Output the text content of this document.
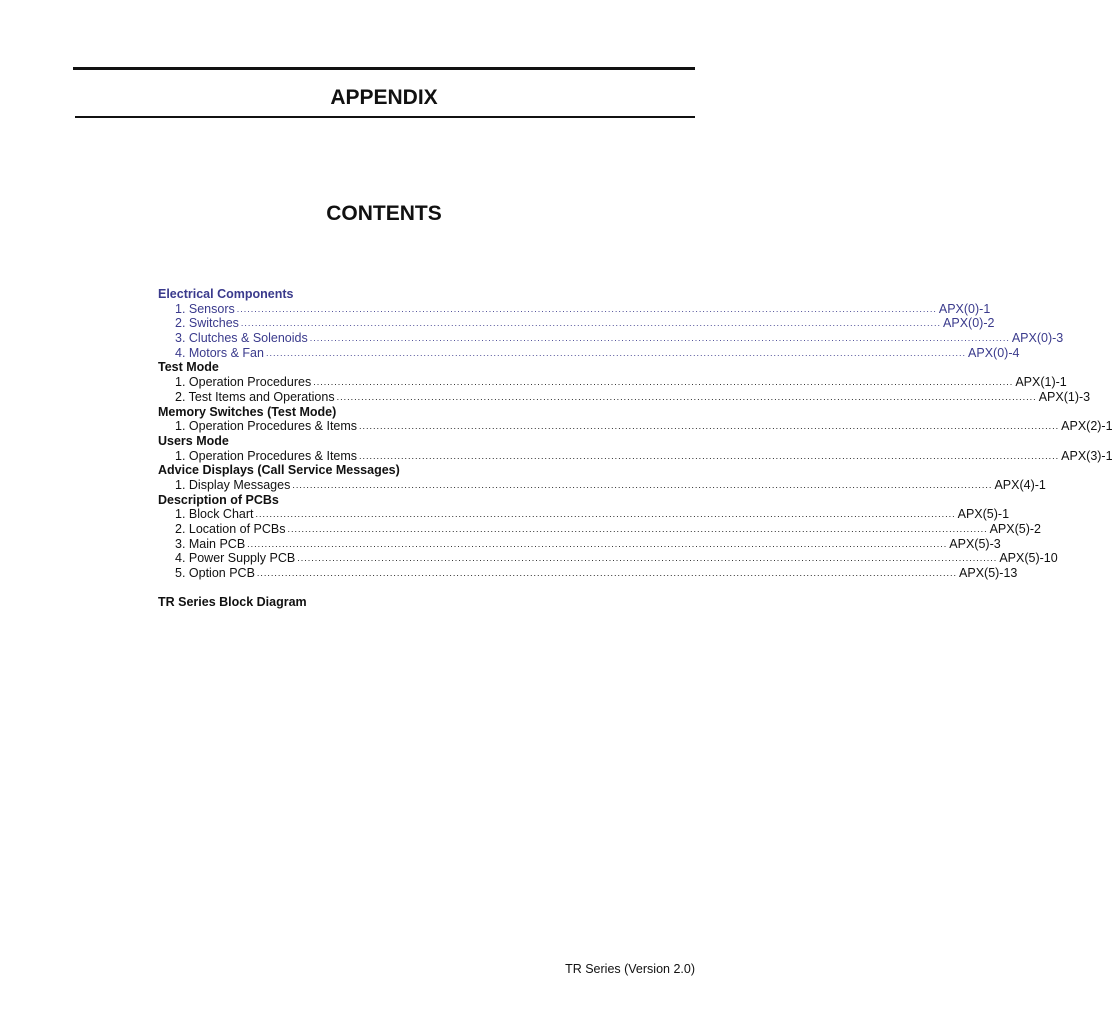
APPENDIX
CONTENTS
Electrical Components
1. Sensors ........................................................................................................................................................................................................ APX(0)-1
2. Switches ........................................................................................................................................................................................................ APX(0)-2
3. Clutches & Solenoids ........................................................................................................................................................................................................ APX(0)-3
4. Motors & Fan ........................................................................................................................................................................................................ APX(0)-4
Test Mode
1. Operation Procedures ........................................................................................................................................................................................................ APX(1)-1
2. Test Items and Operations ........................................................................................................................................................................................................ APX(1)-3
Memory Switches (Test Mode)
1. Operation Procedures & Items ........................................................................................................................................................................................................ APX(2)-1
Users Mode
1. Operation Procedures & Items ........................................................................................................................................................................................................ APX(3)-1
Advice Displays (Call Service Messages)
1. Display Messages ........................................................................................................................................................................................................ APX(4)-1
Description of PCBs
1. Block Chart ........................................................................................................................................................................................................ APX(5)-1
2. Location of PCBs ........................................................................................................................................................................................................ APX(5)-2
3. Main PCB ........................................................................................................................................................................................................ APX(5)-3
4. Power Supply PCB ........................................................................................................................................................................................................ APX(5)-10
5. Option PCB ........................................................................................................................................................................................................ APX(5)-13
TR Series Block Diagram
TR Series (Version 2.0)
